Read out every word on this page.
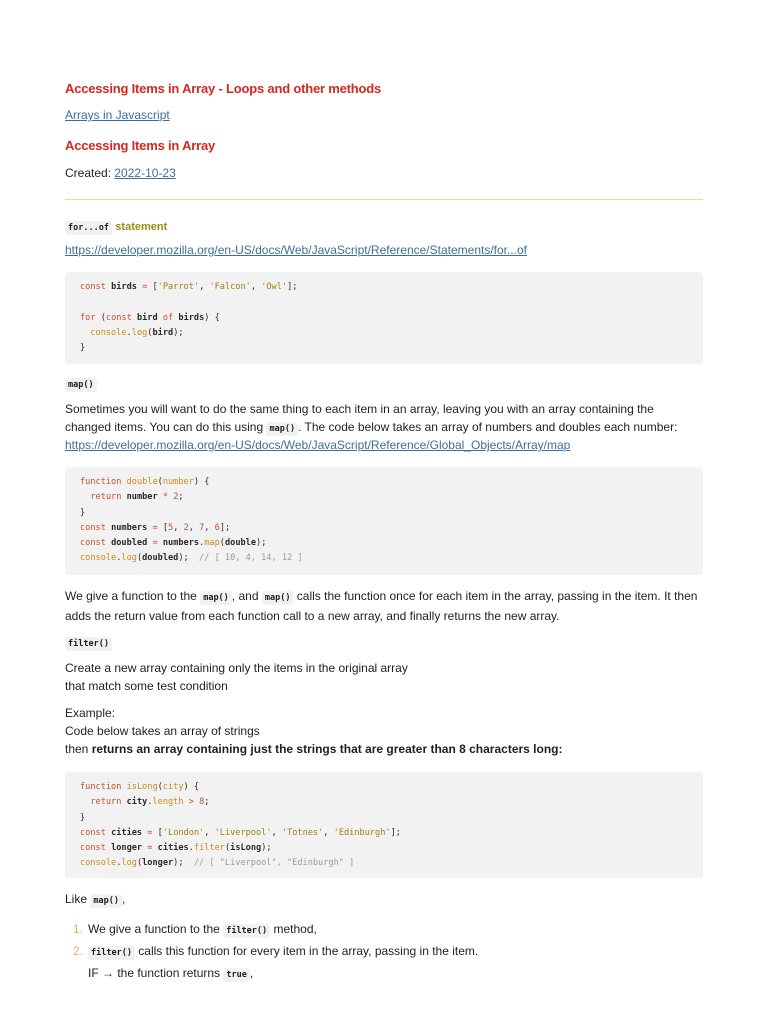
Accessing Items in Array - Loops and other methods
Arrays in Javascript
Accessing Items in Array

Created: 2022-10-23

for...of statement

https://developer.mozilla.org/en-US/docs/Web/JavaScript/Reference/Statements/for...of
const birds = ['Parrot', 'Falcon', 'Owl'];

for (const bird of birds) {
console.log(bird);
}

map()

Sometimes you will want to do the same thing to each item in an array, leaving you with an array containing the changed items. You can do this using map() . The code below takes an array of numbers and doubles each number:

https://developer.mozilla.org/en-US/docs/Web/JavaScript/Reference/Global_Objects/Array/map
function double(number) {
return number * 2;
}
const numbers = [5, 2, 7, 6];
const doubled = numbers.map(double);
console.log(doubled);  // [ 10, 4, 14, 12 ]

We give a function to the map() , and map() calls the function once for each item in the array, passing in the item. It then adds the return value from each function call to a new array, and finally returns the new array.

filter()

Create a new array containing only the items in the original array
that match some test condition

Example:
Code below takes an array of strings
then returns an array containing just the strings that are greater than 8 characters long:

function isLong(city) {
return city.length > 8;
}
const cities = ['London', 'Liverpool', 'Totnes', 'Edinburgh'];
const longer = cities.filter(isLong);
console.log(longer);  // [ "Liverpool", "Edinburgh" ]

Like map() ,

1. We give a function to the filter() method,
2. filter() calls this function for every item in the array, passing in the item.
IF → the function returns true ,
